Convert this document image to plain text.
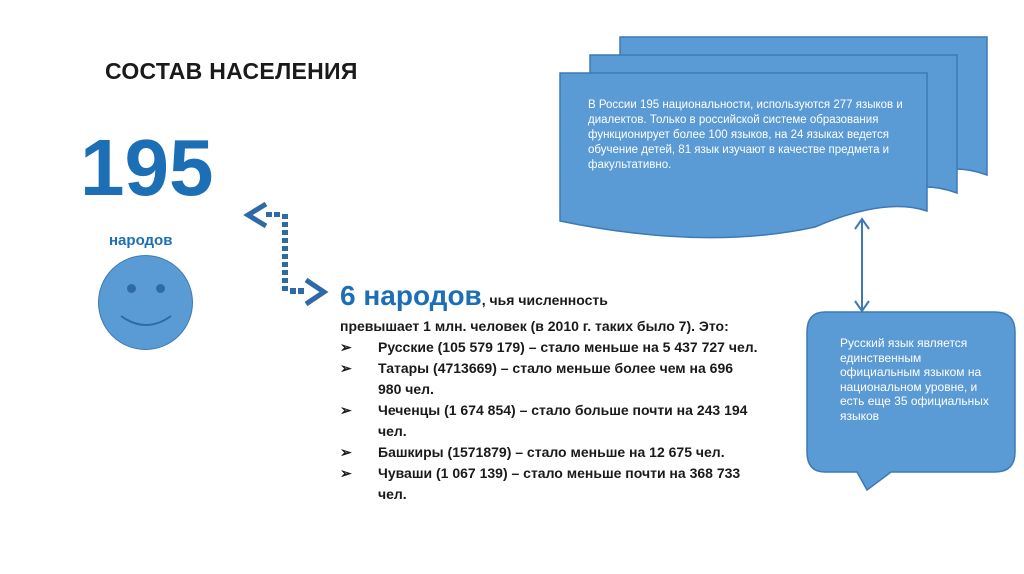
СОСТАВ НАСЕЛЕНИЯ
195
народов
6 народов, чья численность
превышает 1 млн. человек (в 2010 г. таких было 7). Это:
➢	Русские (105 579 179) – стало меньше на 5 437 727 чел.
➢	Татары (4713669) – стало меньше более чем на 696 980 чел.
➢	Чеченцы (1 674 854) – стало больше почти на 243 194 чел.
➢	Башкиры (1571879) – стало меньше на 12 675 чел.
➢	Чуваши (1 067 139) – стало меньше почти на 368 733 чел.
В России 195 национальности, используются 277 языков и диалектов. Только в российской системе образования функционирует более 100 языков, на 24 языках ведется обучение детей, 81 язык изучают в качестве предмета и факультативно.
Русский язык является единственным официальным языком на национальном уровне, и есть еще 35 официальных языков
